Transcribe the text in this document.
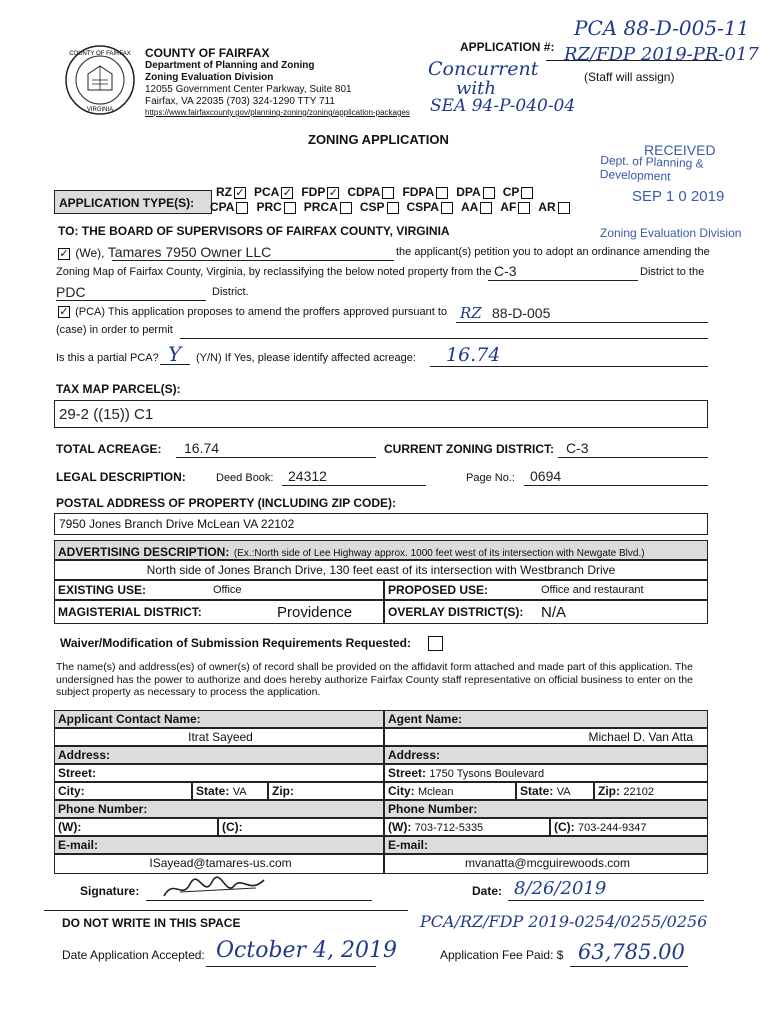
COUNTY OF FAIRFAX
VIRGINIA
COUNTY OF FAIRFAX
Department of Planning and Zoning
Zoning Evaluation Division
12055 Government Center Parkway, Suite 801
Fairfax, VA 22035 (703) 324-1290 TTY 711
https://www.fairfaxcounty.gov/planning-zoning/zoning/application-packages
PCA 88-D-005-11
APPLICATION #: RZ/FDP 2019-PR-017
(Staff will assign)
Concurrent
with
SEA 94-P-040-04
ZONING APPLICATION
RECEIVED
Dept. of Planning & Development
SEP 1 0 2019
Zoning Evaluation Division
APPLICATION TYPE(S):
RZ ✓ PCA ✓ FDP ✓ CDPA FDPA DPA CP
CPA PRC PRCA CSP CSPA AA AF AR
TO: THE BOARD OF SUPERVISORS OF FAIRFAX COUNTY, VIRGINIA
✓ (We), Tamares 7950 Owner LLC	the applicant(s) petition you to adopt an ordinance amending the
Zoning Map of Fairfax County, Virginia, by reclassifying the below noted property from the C-3	District to the
PDC	District.
✓ (PCA) This application proposes to amend the proffers approved pursuant to RZ 88-D-005
(case) in order to permit
Is this a partial PCA? Y (Y/N) If Yes, please identify affected acreage: 16.74
TAX MAP PARCEL(S):
29-2 ((15)) C1
TOTAL ACREAGE: 16.74	CURRENT ZONING DISTRICT: C-3
LEGAL DESCRIPTION:	Deed Book: 24312	Page No.: 0694
POSTAL ADDRESS OF PROPERTY (INCLUDING ZIP CODE):
7950 Jones Branch Drive McLean VA 22102
ADVERTISING DESCRIPTION: (Ex.:North side of Lee Highway approx. 1000 feet west of its intersection with Newgate Blvd.)
North side of Jones Branch Drive, 130 feet east of its intersection with Westbranch Drive
EXISTING USE:	Office	PROPOSED USE:	Office and restaurant
MAGISTERIAL DISTRICT:	Providence	OVERLAY DISTRICT(S): N/A
Waiver/Modification of Submission Requirements Requested:
The name(s) and address(es) of owner(s) of record shall be provided on the affidavit form attached and made part of this application. The undersigned has the power to authorize and does hereby authorize Fairfax County staff representative on official business to enter on the subject property as necessary to process the application.
Applicant Contact Name:	Agent Name:
Itrat Sayeed	Michael D. Van Atta
Address:	Address:
Street:	Street: 1750 Tysons Boulevard
City:	State: VA	Zip:	City: Mclean	State: VA	Zip: 22102
Phone Number:	Phone Number:
(W):	(C):	(W): 703-712-5335	(C): 703-244-9347
E-mail:	E-mail:
ISayead@tamares-us.com	mvanatta@mcguirewoods.com
Signature:	Date: 8/26/2019
DO NOT WRITE IN THIS SPACE	PCA/RZ/FDP 2019-0254/0255/0256
Date Application Accepted: October 4, 2019	Application Fee Paid: $ 63,785.00
